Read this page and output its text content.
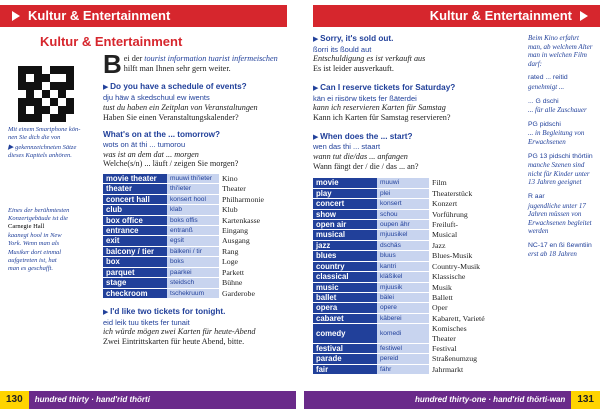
Kultur & Entertainment
Kultur & Entertainment
Mit einem Smartphone kön-
nen Sie dich die von
▶ gekennzeichneten Sätze
dieses Kapitels anhören.
Eines der berühmtesten
Konzertgebäude ist die
Carnegie Hall
kaanegi hool in New
York. Wenn man als
Musiker dort einmal
aufgetreten ist, hat
man es geschafft.
Bei der tourist information tuarist infermeischen hilft man Ihnen sehr gern weiter.
▶ Do you have a schedule of events?
dju häw ä skedschuul ew iwents
tust du haben ein Zeitplan von Veranstaltungen
Haben Sie einen Veranstaltungskalender?
What's on at the ... tomorrow?
wots on ät thi ... tumorou
was ist an dem dat ... morgen
Welche(s/n) ... läuft / zeigen Sie morgen?
movie theater	muuwi thi'ieter	Kino
theater	thi'ieter	Theater
concert hall	konsert hool	Philharmonie
club	klab	Klub
box office	boks offis	Kartenkasse
entrance	entranß	Eingang
exit	egsit	Ausgang
balcony / tier	bälkeni / tir	Rang
box	boks	Loge
parquet	paarkei	Parkett
stage	steidsch	Bühne
checkroom	tschekruum	Garderobe
▶ I'd like two tickets for tonight.
eid leik tuu tikets fer tunait
ich würde mögen zwei Karten für heute-Abend
Zwei Eintrittskarten für heute Abend, bitte.
130 hundred thirty · hand'rid thörti
Kultur & Entertainment
▶ Sorry, it's sold out.
ßorri its ßould aut
Entschuldigung es ist verkauft aus
Es ist leider ausverkauft.
▶ Can I reserve tickets for Saturday?
kän ei riisörw tikets fer ßäterdei
kann ich reservieren Karten für Samstag
Kann ich Karten für Samstag reservieren?
▶ When does the ... start?
wen das thi ... staart
wann tut die/das ... anfangen
Wann fängt der / die / das ... an?
movie	muuwi	Film
play	plei	Theaterstück
concert	konsert	Konzert
show	schou	Vorführung
open air	oupen ähr	Freiluft-
musical	mjuusikel	Musical
jazz	dschäs	Jazz
blues	bluus	Blues-Musik
country	kantri	Country-Musik
classical	kläßikel	Klassische
music	mjuusik	Musik
ballet	bälei	Ballett
opera	opere	Oper
cabaret	käberei	Kabarett, Varieté
comedy	komedi	Komisches Theater
festival	festiwel	Festival
parade	pereid	Straßenumzug
fair	fähr	Jahrmarkt
Beim Kino erfahrt man, ab welchem Alter man in welchen Film darf:
rated ... reitid
genehmigt ...
... G dschi
... für alle Zuschauer
PG pidschi
... in Begleitung von Erwachsenen
PG 13 pidschi thörtiin
manche Szenen sind nicht für Kinder unter 13 Jahren geeignet
R aar
jugendliche unter 17 Jahren müssen von Erwachsenen begleitet werden
NC-17 en ßi ßewntiin
erst ab 18 Jahren
hundred thirty-one · hand'rid thörti-wan 131
